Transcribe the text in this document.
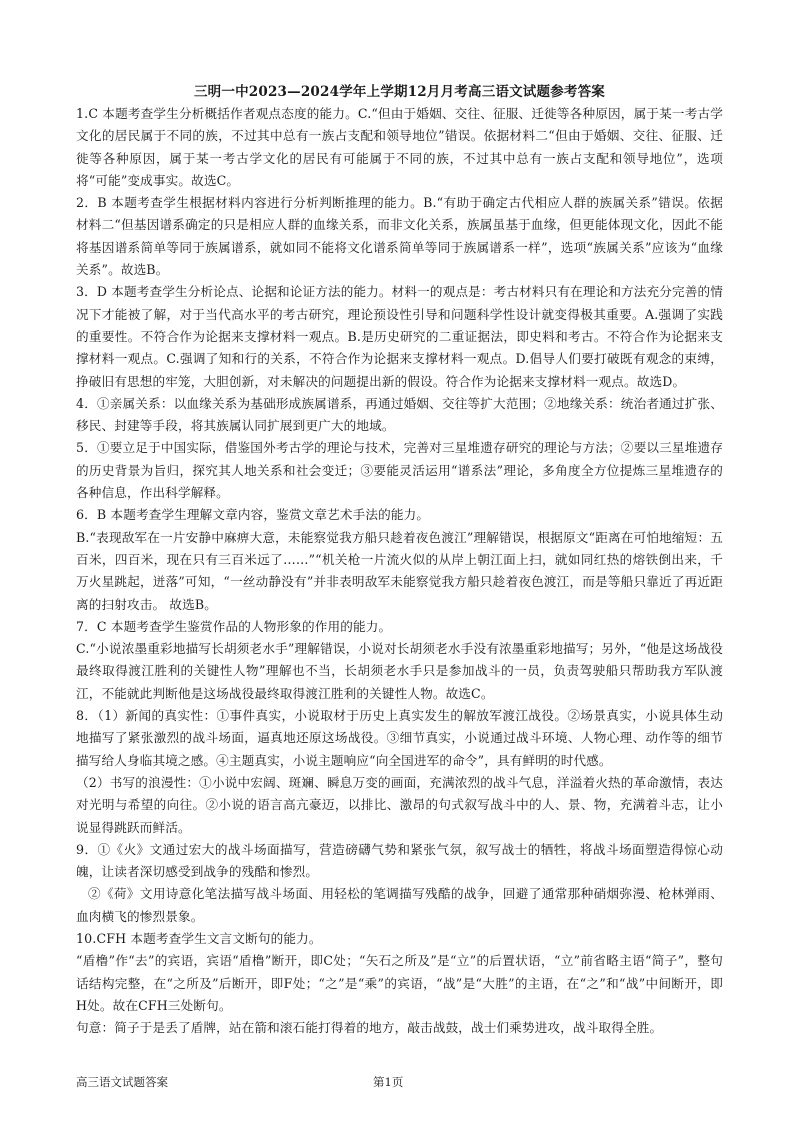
三明一中2023—2024学年上学期12月月考高三语文试题参考答案

1.C 本题考查学生分析概括作者观点态度的能力。C.“但由于婚姻、交往、征服、迁徙等各种原因，属于某一考古学文化的居民属于不同的族，不过其中总有一族占支配和领导地位”错误。依据材料二“但由于婚姻、交往、征服、迁徙等各种原因，属于某一考古学文化的居民有可能属于不同的族，不过其中总有一族占支配和领导地位”，选项将“可能”变成事实。故选C。

2．B 本题考查学生根据材料内容进行分析判断推理的能力。B.“有助于确定古代相应人群的族属关系”错误。依据材料二“但基因谱系确定的只是相应人群的血缘关系，而非文化关系，族属虽基于血缘，但更能体现文化，因此不能将基因谱系简单等同于族属谱系，就如同不能将文化谱系简单等同于族属谱系一样”，选项“族属关系”应该为“血缘关系”。故选B。

3．D 本题考查学生分析论点、论据和论证方法的能力。材料一的观点是：考古材料只有在理论和方法充分完善的情况下才能被了解，对于当代高水平的考古研究，理论预设性引导和问题科学性设计就变得极其重要。A.强调了实践的重要性。不符合作为论据来支撑材料一观点。B.是历史研究的二重证据法，即史料和考古。不符合作为论据来支撑材料一观点。C.强调了知和行的关系，不符合作为论据来支撑材料一观点。D.倡导人们要打破既有观念的束缚，挣破旧有思想的牢笼，大胆创新，对未解决的问题提出新的假设。符合作为论据来支撑材料一观点。故选D。

4．①亲属关系：以血缘关系为基础形成族属谱系，再通过婚姻、交往等扩大范围；②地缘关系：统治者通过扩张、移民、封建等手段，将其族属认同扩展到更广大的地域。

5．①要立足于中国实际，借鉴国外考古学的理论与技术，完善对三星堆遗存研究的理论与方法；②要以三星堆遗存的历史背景为旨归，探究其人地关系和社会变迁；③要能灵活运用“谱系法”理论，多角度全方位提炼三星堆遗存的各种信息，作出科学解释。

6．B 本题考查学生理解文章内容，鉴赏文章艺术手法的能力。

B.“表现敌军在一片安静中麻痹大意，未能察觉我方船只趁着夜色渡江”理解错误，根据原文“距离在可怕地缩短：五百米，四百米，现在只有三百米远了……”“机关枪一片流火似的从岸上朝江面上扫，就如同红热的熔铁倒出来，千万火星跳起，迸落”可知，“一丝动静没有”并非表明敌军未能察觉我方船只趁着夜色渡江，而是等船只靠近了再近距离的扫射攻击。 故选B。

7．C 本题考查学生鉴赏作品的人物形象的作用的能力。

C.“小说浓墨重彩地描写长胡须老水手”理解错误，小说对长胡须老水手没有浓墨重彩地描写；另外，“他是这场战役最终取得渡江胜利的关键性人物”理解也不当，长胡须老水手只是参加战斗的一员，负责驾驶船只帮助我方军队渡江，不能就此判断他是这场战役最终取得渡江胜利的关键性人物。故选C。

8．（1）新闻的真实性：①事件真实，小说取材于历史上真实发生的解放军渡江战役。②场景真实，小说具体生动地描写了紧张激烈的战斗场面，逼真地还原这场战役。③细节真实，小说通过战斗环境、人物心理、动作等的细节描写给人身临其境之感。④主题真实，小说主题响应“向全国进军的命令”，具有鲜明的时代感。

（2）书写的浪漫性：①小说中宏阔、斑斓、瞬息万变的画面，充满浓烈的战斗气息，洋溢着火热的革命激情，表达对光明与希望的向往。②小说的语言高亢豪迈，以排比、激昂的句式叙写战斗中的人、景、物，充满着斗志，让小说显得跳跃而鲜活。

9．①《火》文通过宏大的战斗场面描写，营造磅礴气势和紧张气氛，叙写战士的牺牲，将战斗场面塑造得惊心动魄，让读者深切感受到战争的残酷和惨烈。

②《荷》文用诗意化笔法描写战斗场面、用轻松的笔调描写残酷的战争，回避了通常那种硝烟弥漫、枪林弹雨、血肉横飞的惨烈景象。

10.CFH 本题考查学生文言文断句的能力。

“盾橹”作“去”的宾语，宾语“盾橹”断开，即C处；“矢石之所及”是“立”的后置状语，“立”前省略主语“简子”，整句话结构完整，在“之所及”后断开，即F处；“之”是“乘”的宾语，“战”是“大胜”的主语，在“之”和“战”中间断开，即H处。故在CFH三处断句。

句意：简子于是丢了盾牌，站在箭和滚石能打得着的地方，敲击战鼓，战士们乘势进攻，战斗取得全胜。

高三语文试题答案	第1页
